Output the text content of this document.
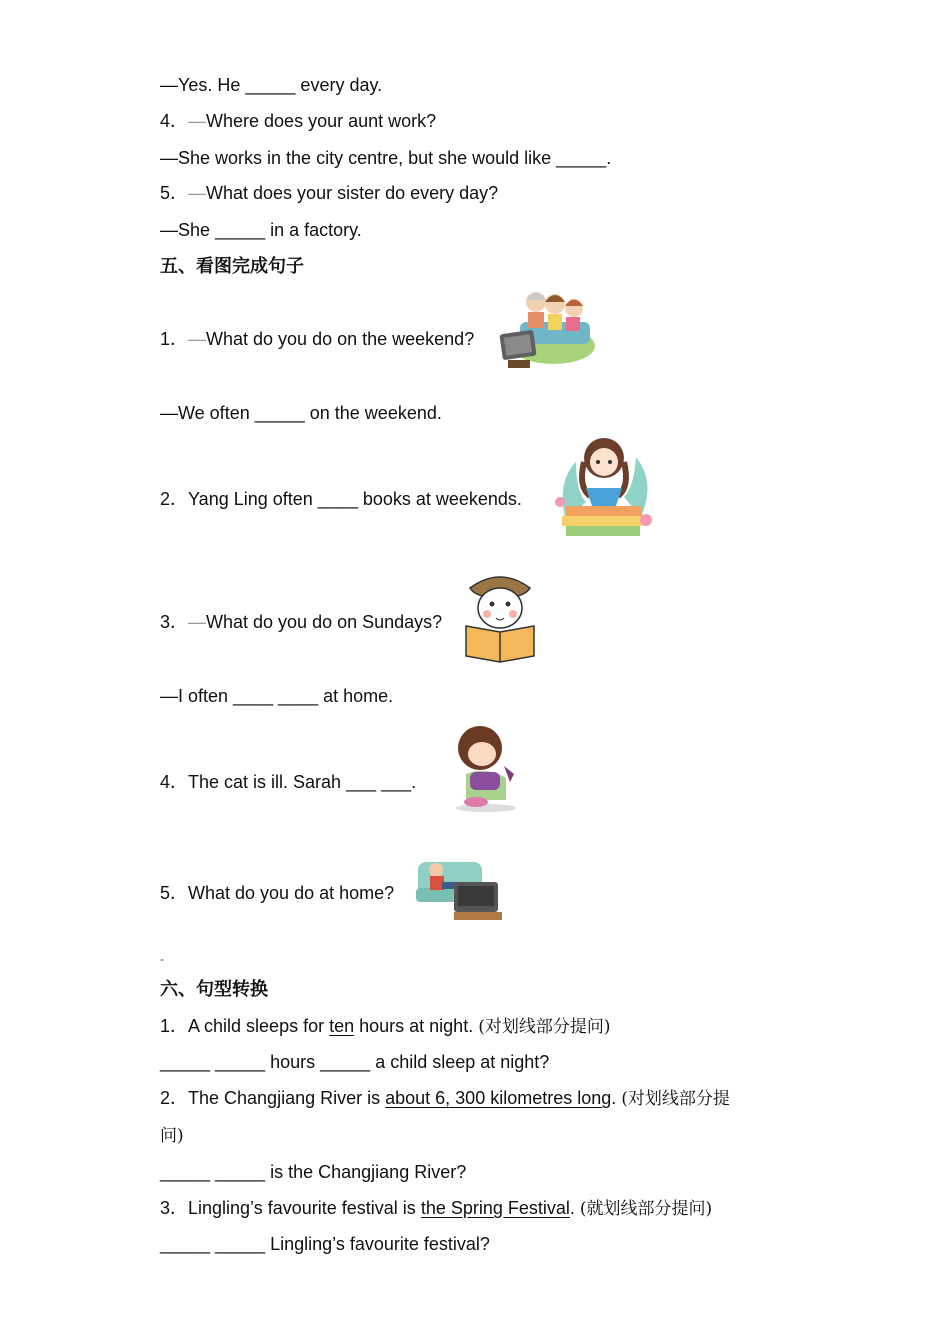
—Yes. He _____ every day.
4．—Where does your aunt work?
—She works in the city centre, but she would like _____.
5．—What does your sister do every day?
—She _____ in a factory.
五、看图完成句子
1．—What do you do on the weekend?
—We often _____ on the weekend.
2．Yang Ling often ____ books at weekends.
3．—What do you do on Sundays?
—I often ____ ____ at home.
4．The cat is ill. Sarah ___ ___.
5．What do you do at home?
-
六、句型转换
1．A child sleeps for ten hours at night. (对划线部分提问)
_____ _____ hours _____ a child sleep at night?
2．The Changjiang River is about 6, 300 kilometres long. (对划线部分提
问)
_____ _____ is the Changjiang River?
3．Lingling’s favourite festival is the Spring Festival. (就划线部分提问)
_____ _____ Lingling’s favourite festival?
